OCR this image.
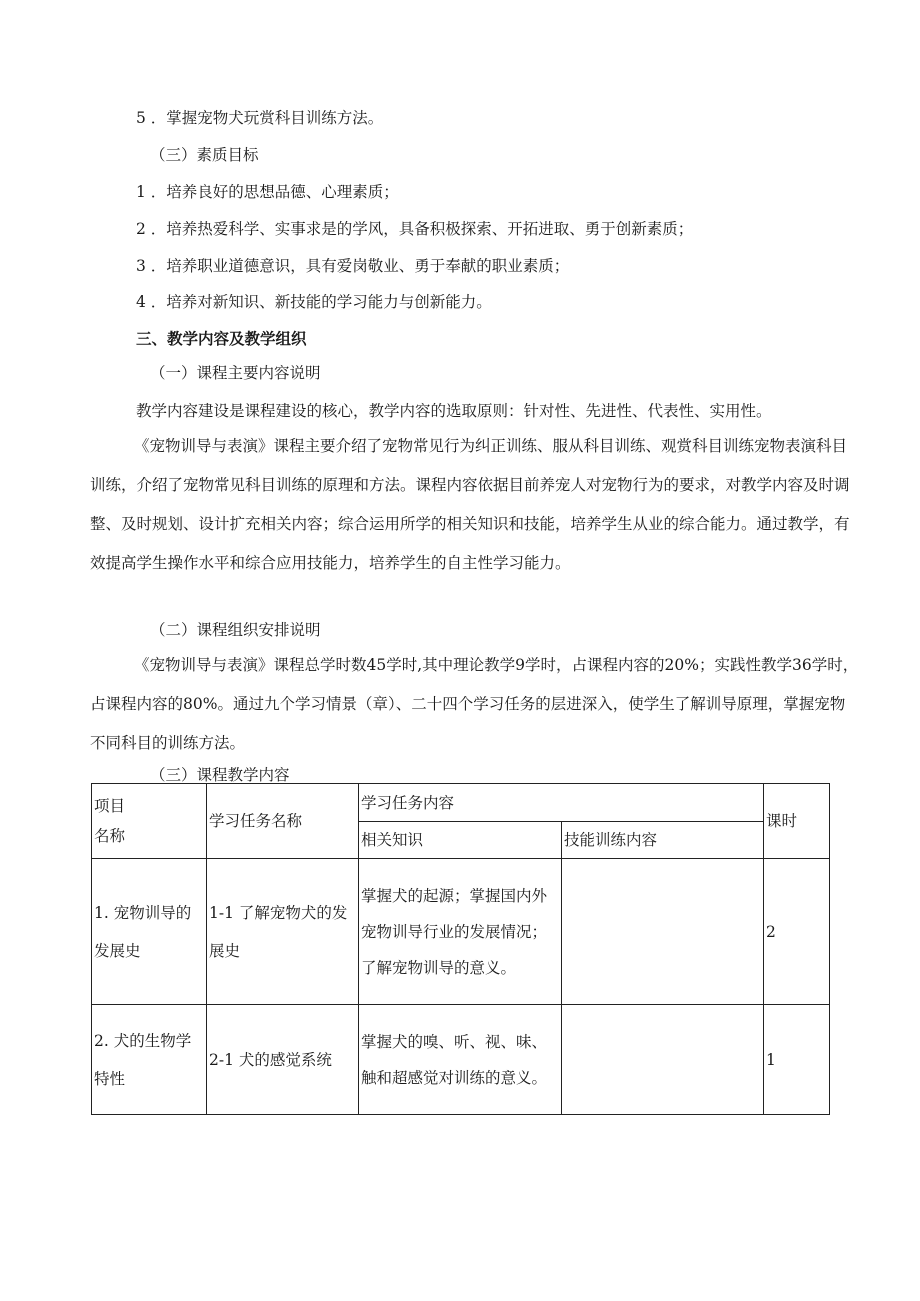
5 ．掌握宠物犬玩赏科目训练方法。
（三）素质目标
1 ．培养良好的思想品德、心理素质；
2 ．培养热爱科学、实事求是的学风，具备积极探索、开拓进取、勇于创新素质；
3 ．培养职业道德意识，具有爱岗敬业、勇于奉献的职业素质；
4 ．培养对新知识、新技能的学习能力与创新能力。
三、教学内容及教学组织
（一）课程主要内容说明
教学内容建设是课程建设的核心，教学内容的选取原则：针对性、先进性、代表性、实用性。
《宠物训导与表演》课程主要介绍了宠物常见行为纠正训练、服从科目训练、观赏科目训练宠物表演科目训练，介绍了宠物常见科目训练的原理和方法。课程内容依据目前养宠人对宠物行为的要求，对教学内容及时调整、及时规划、设计扩充相关内容；综合运用所学的相关知识和技能，培养学生从业的综合能力。通过教学，有效提高学生操作水平和综合应用技能力，培养学生的自主性学习能力。
（二）课程组织安排说明
《宠物训导与表演》课程总学时数45学时,其中理论教学9学时，占课程内容的20%；实践性教学36学时，占课程内容的80%。通过九个学习情景（章）、二十四个学习任务的层进深入，使学生了解训导原理，掌握宠物不同科目的训练方法。
（三）课程教学内容
项目
名称	学习任务名称	学习任务内容		课时
		相关知识	技能训练内容	
1. 宠物训导的发展史	1-1 了解宠物犬的发展史	掌握犬的起源；掌握国内外宠物训导行业的发展情况；了解宠物训导的意义。		2
2. 犬的生物学特性	2-1 犬的感觉系统	掌握犬的嗅、听、视、味、触和超感觉对训练的意义。		1
